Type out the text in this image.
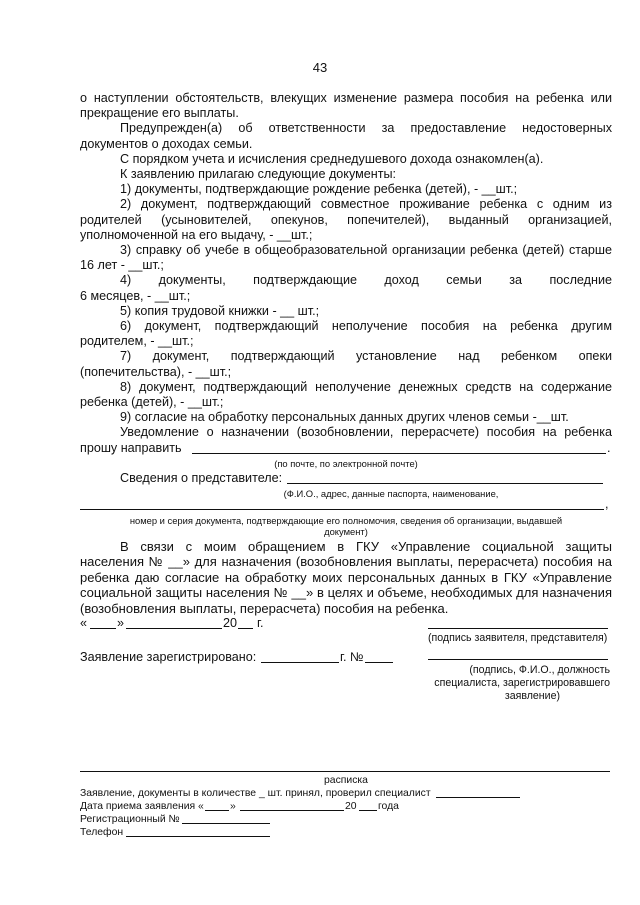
43

о наступлении обстоятельств, влекущих изменение размера пособия на ребенка или

прекращение его выплаты.

Предупрежден(а) об ответственности за предоставление недостоверных

документов о доходах семьи.

С порядком учета и исчисления среднедушевого дохода ознакомлен(а).

К заявлению прилагаю следующие документы:

1) документы, подтверждающие рождение ребенка (детей), - __шт.;

2) документ, подтверждающий совместное проживание ребенка с одним из

родителей (усыновителей, опекунов, попечителей), выданный организацией,

уполномоченной на его выдачу, - __шт.;

3) справку об учебе в общеобразовательной организации ребенка (детей) старше

16 лет - __шт.;

4) документы, подтверждающие доход семьи за последние

6 месяцев, - __шт.;

5) копия трудовой книжки - __ шт.;

6) документ, подтверждающий неполучение пособия на ребенка другим

родителем, - __шт.;

7) документ, подтверждающий установление над ребенком опеки

(попечительства), - __шт.;

8) документ, подтверждающий неполучение денежных средств на содержание

ребенка (детей), - __шт.;

9) согласие на обработку персональных данных других членов семьи -__шт.

Уведомление о назначении (возобновлении, перерасчете) пособия на ребенка

прошу направить	.

(по почте, по электронной почте)

Сведения о представителе:

(Ф.И.О., адрес, данные паспорта, наименование,

,

номер и серия документа, подтверждающие его полномочия, сведения об организации, выдавшей

документ)

В связи с моим обращением в ГКУ «Управление социальной защиты

населения № __» для назначения (возобновления выплаты, перерасчета) пособия на

ребенка даю согласие на обработку моих персональных данных в ГКУ «Управление

социальной защиты населения № __» в целях и объеме, необходимых для назначения

(возобновления выплаты, перерасчета) пособия на ребенка.

« »	20 г.
(подпись заявителя, представителя)
Заявление зарегистрировано:	г. №
(подпись, Ф.И.О., должность
специалиста, зарегистрировавшего
заявление)
расписка
Заявление, документы в количестве _ шт. принял, проверил специалист
Дата приема заявления «	»	20 года
Регистрационный №
Телефон
